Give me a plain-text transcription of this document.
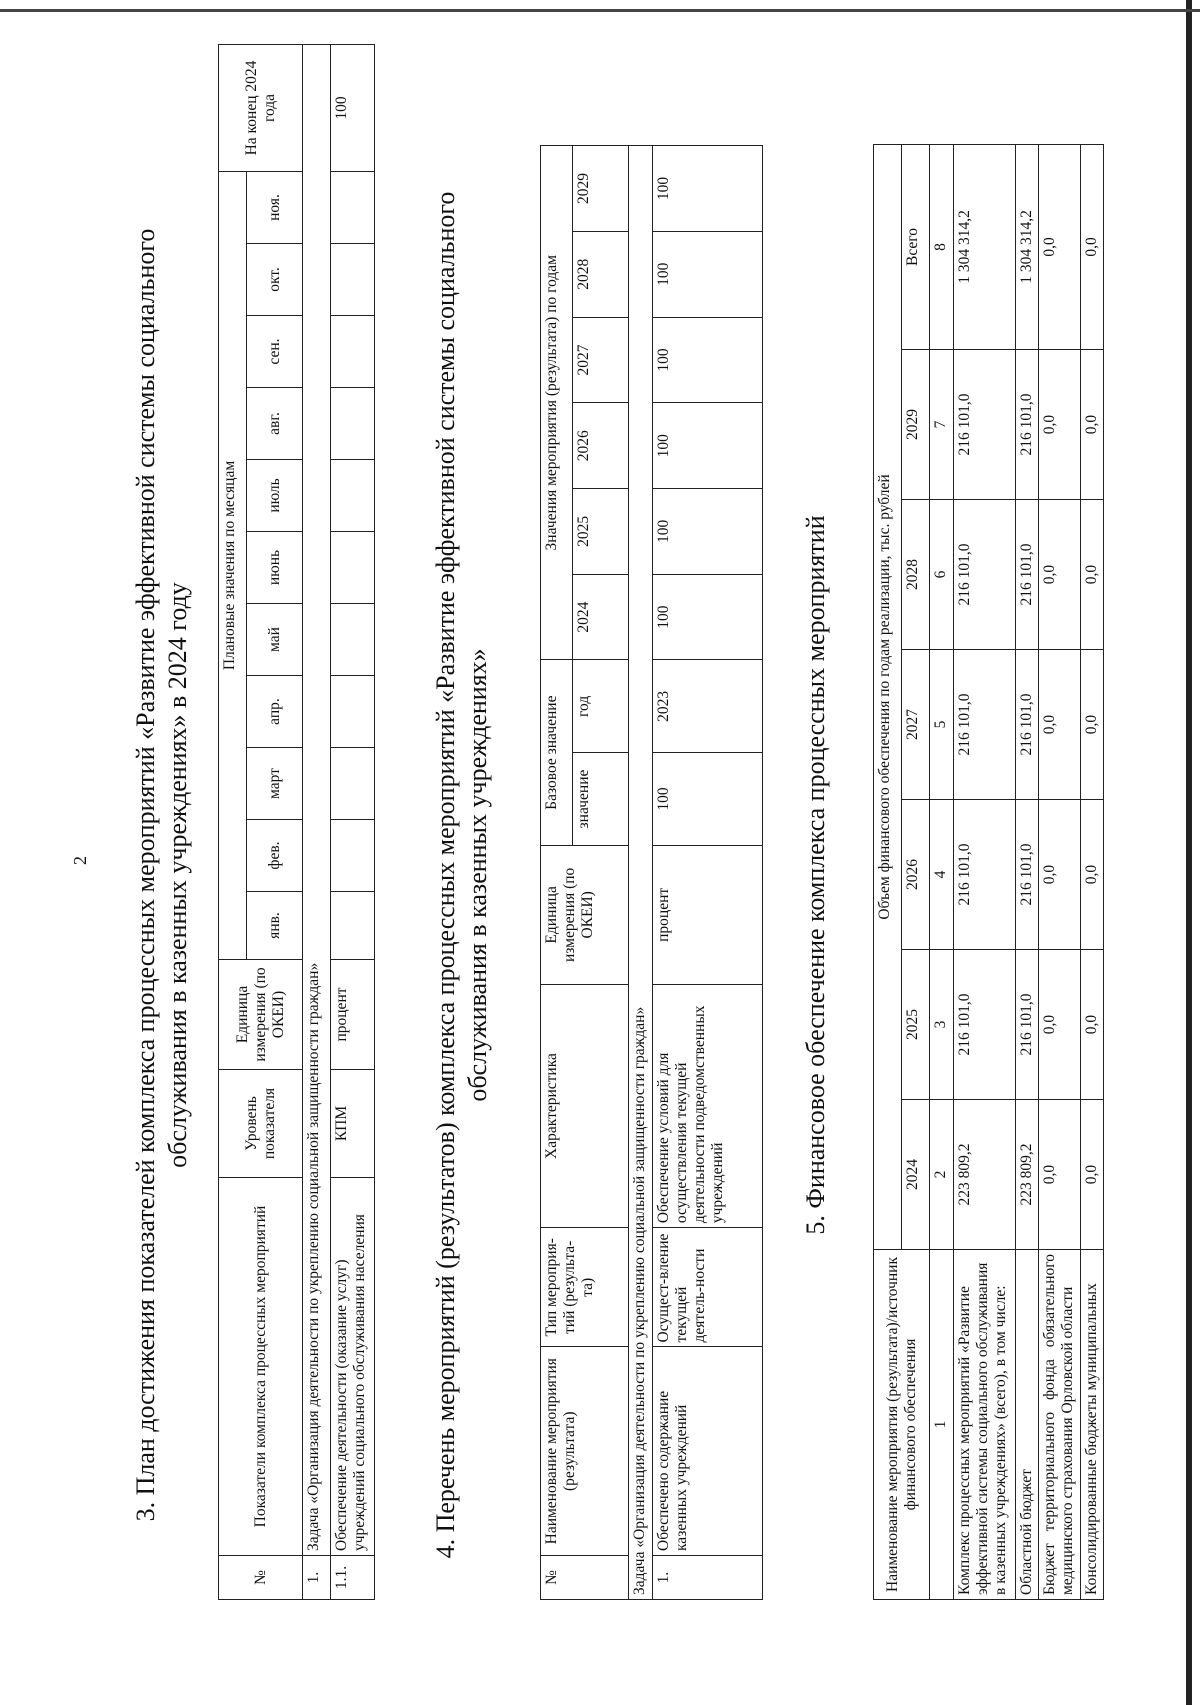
2 3. План достижения показателей комплекса процессных мероприятий «Развитие эффективной системы социального обслуживания в казенных учреждениях» в 2024 году
№	Показатели комплекса процессных мероприятий	Уровень показателя	Единица измерения (по ОКЕИ)	Плановые значения по месяцам											На конец 2024 года
				янв.	фев.	март	апр.	май	июнь	июль	авг.	сен.	окт.	ноя.	
1.	Задача «Организация деятельности по укреплению социальной защищенности граждан»														
1.1.	Обеспечение деятельности (оказание услуг) учреждений социального обслуживания населения	КПМ	процент												100
4. Перечень мероприятий (результатов) комплекса процессных мероприятий «Развитие эффективной системы социального обслуживания в казенных учреждениях»
№	Наименование мероприятия (результата)	Тип мероприя-тий (результа-та)	Характеристика	Единица измерения (по ОКЕИ)	Базовое значение		Значения мероприятия (результата) по годам					
					значение	год	2024	2025	2026	2027	2028	2029
Задача «Организация деятельности по укреплению социальной защищенности граждан»												
1.	Обеспечено содержание казенных учреждений	Осущест-вление текущей деятель-ности	Обеспечение условий для осуществления текущей деятельности подведомственных учреждений	процент	100	2023	100	100	100	100	100	100
5. Финансовое обеспечение комплекса процессных мероприятий
Наименование мероприятия (результата)/источник финансового обеспечения	Объем финансового обеспечения по годам реализации, тыс. рублей						
	2024	2025	2026	2027	2028	2029	Всего
1	2	3	4	5	6	7	8
Комплекс процессных мероприятий «Развитие эффективной системы социального обслуживания в казенных учреждениях» (всего), в том числе:	223 809,2	216 101,0	216 101,0	216 101,0	216 101,0	216 101,0	1 304 314,2
Областной бюджет	223 809,2	216 101,0	216 101,0	216 101,0	216 101,0	216 101,0	1 304 314,2
Бюджет территориального фонда обязательного медицинского страхования Орловской области	0,0	0,0	0,0	0,0	0,0	0,0	0,0
Консолидированные бюджеты муниципальных	0,0	0,0	0,0	0,0	0,0	0,0	0,0
